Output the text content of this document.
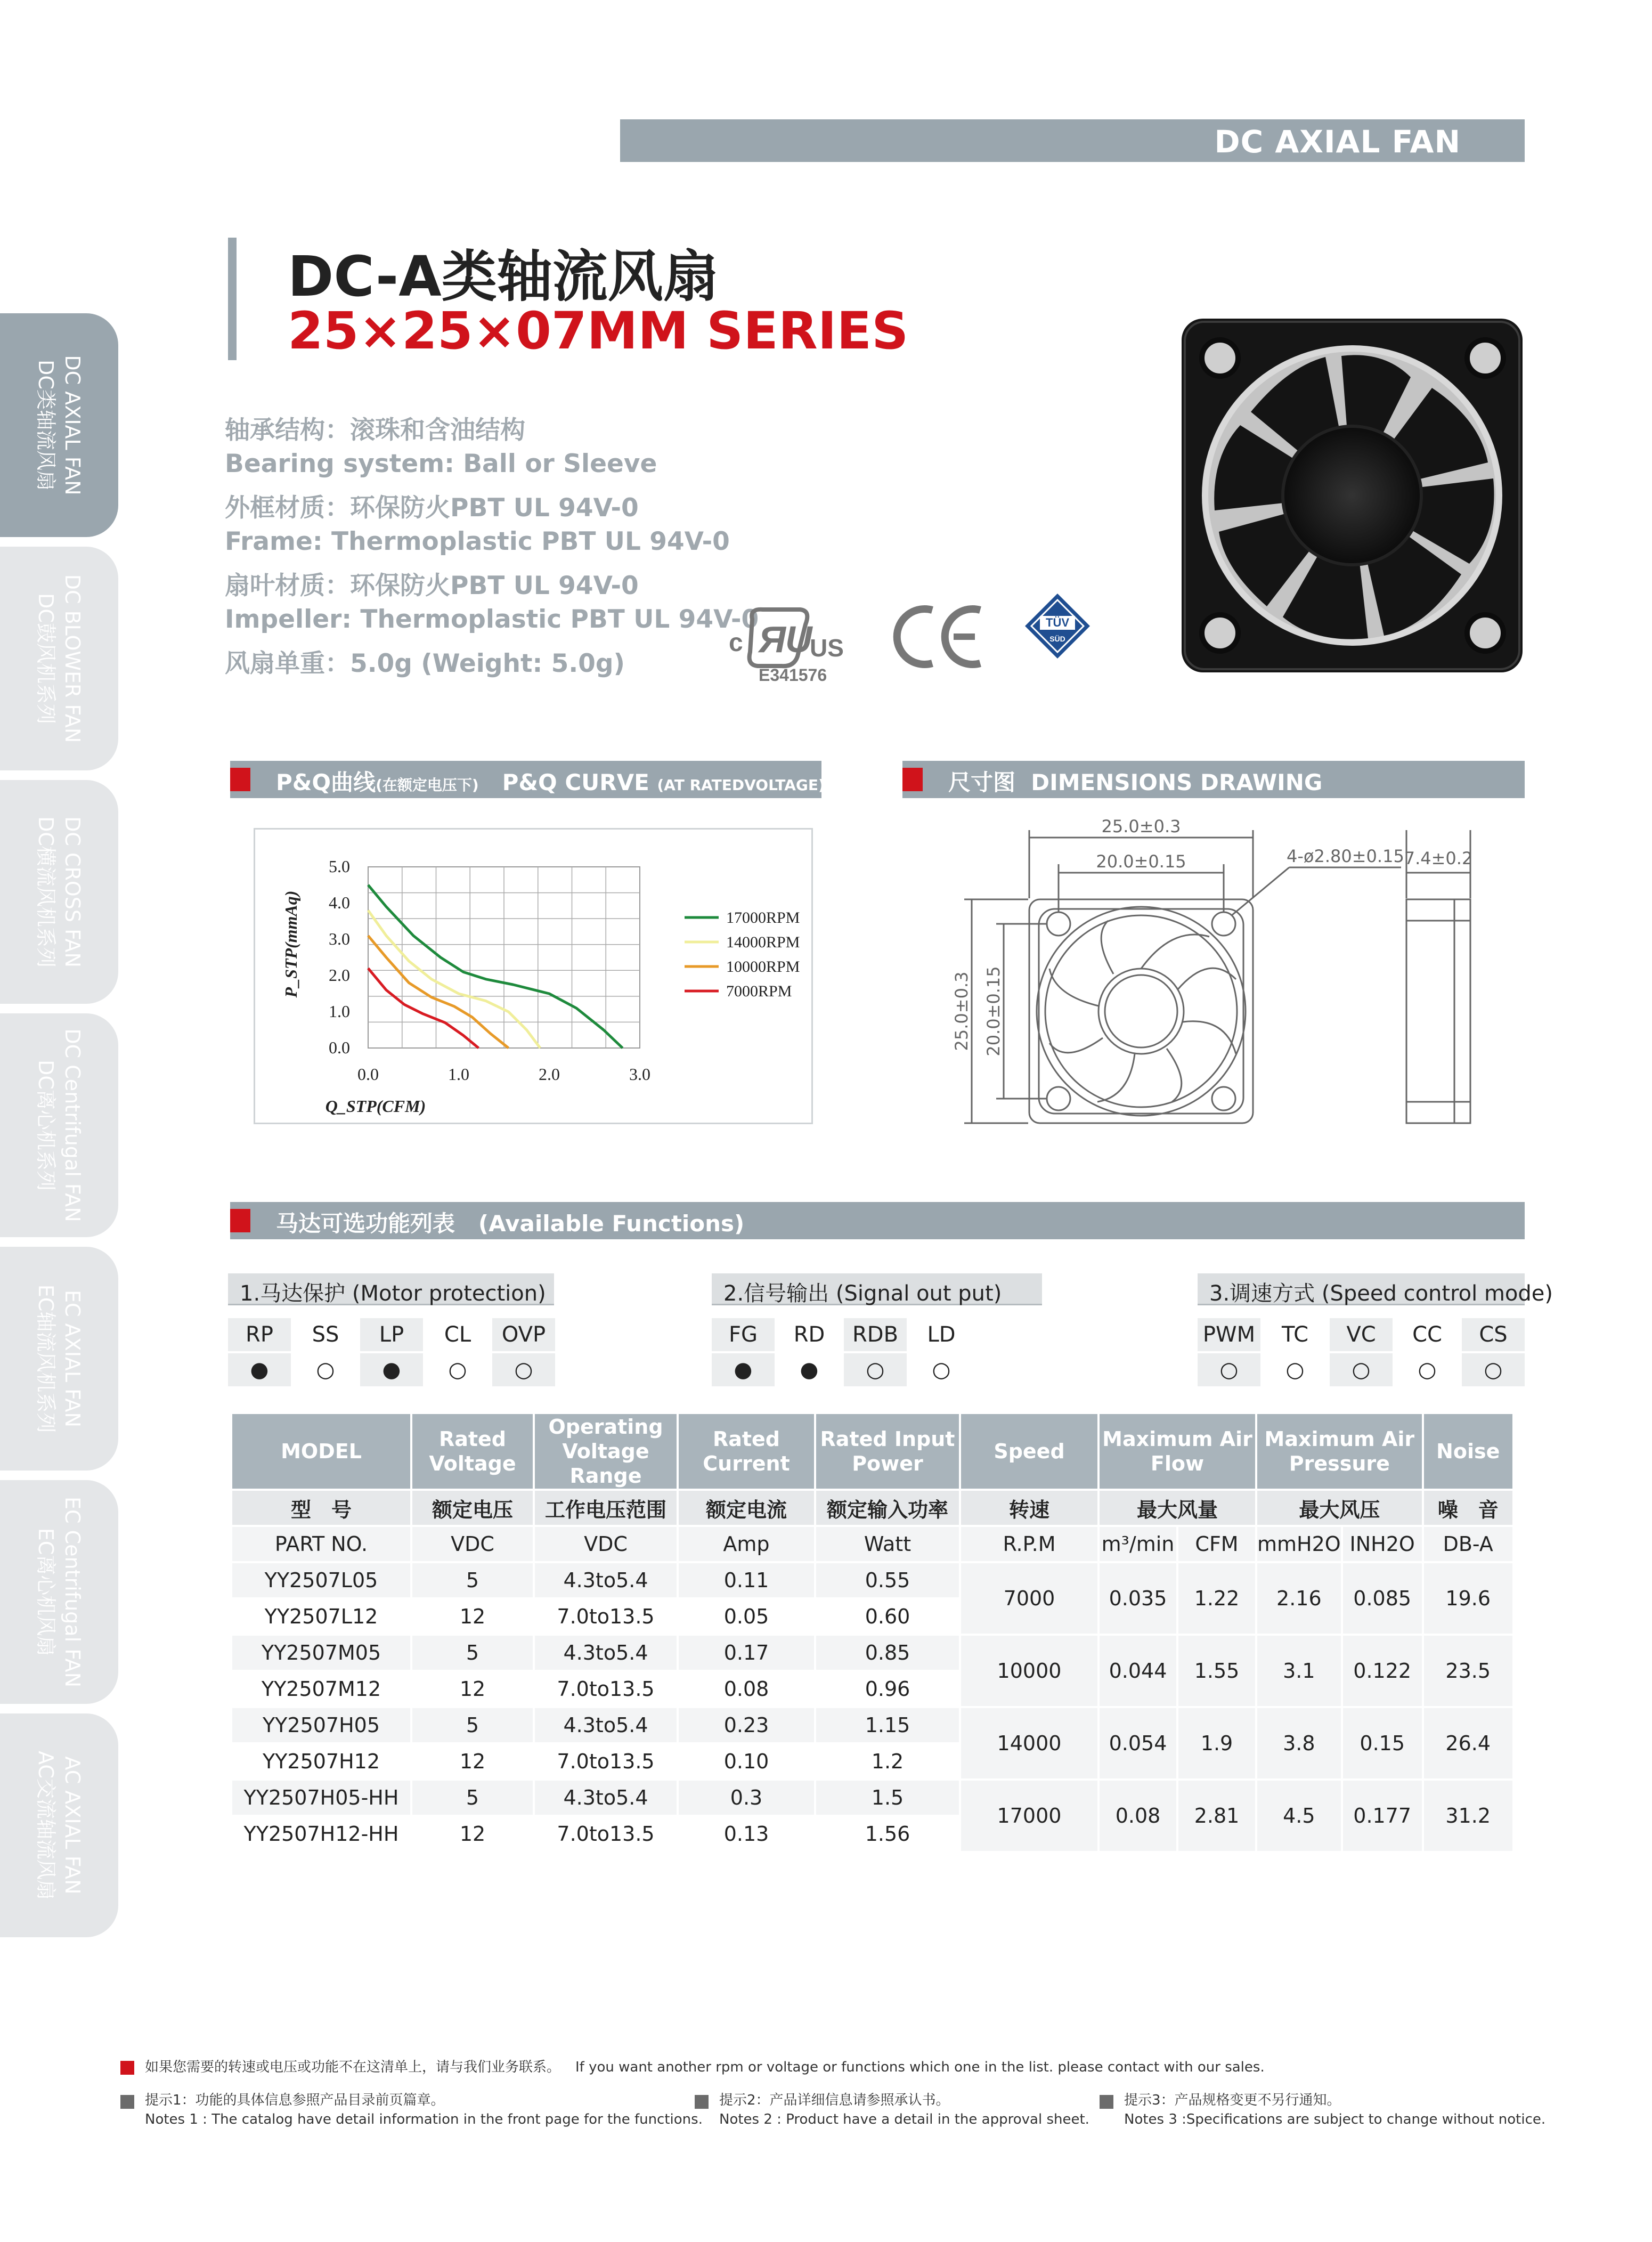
DC AXIAL FAN
DC AXIAL FAN
DC类轴流风扇
DC BLOWER FAN
DC鼓风机系列
DC CROSS FAN
DC横流风机系列
DC Centrifugal FAN
DC离心机系列
EC AXIAL FAN
EC轴流风机系列
EC Centrifugal FAN
EC离心机风扇
AC AXIAL FAN
AC交流轴流风扇
DC-A类轴流风扇
25×25×07MM SERIES
轴承结构：滚珠和含油结构
Bearing system: Ball or Sleeve
外框材质：环保防火PBT UL 94V-0
Frame: Thermoplastic PBT UL 94V-0
扇叶材质：环保防火PBT UL 94V-0
Impeller: Thermoplastic PBT UL 94V-0
风扇单重：5.0g (Weight: 5.0g)
c Я
U
US
E341576
TÜV
SÜD
P&Q曲线(在额定电压下) P&Q CURVE (AT RATEDVOLTAGE)	尺寸图 DIMENSIONS DRAWING
0.0
1.0
2.0
3.0
4.0
5.0
0.0	1.0	2.0	3.0
17000RPM
14000RPM
10000RPM
7000RPM
Q_STP(CFM)
P_STP(mmAq)
25.0±0.3
20.0±0.15	4-ø2.80±0.15 7.4±0.2
25.0±0.3 20.0±0.15
马达可选功能列表 (Available Functions)
1.马达保护 (Motor protection)
RP	SS	LP	CL	OVP
●	○	●	○	○
2.信号输出 (Signal out put)
FG	RD	RDB	LD
●	●	○	○
3.调速方式 (Speed control mode)
PWM	TC	VC	CC	CS
○	○	○	○	○
MODEL	Rated Voltage	Operating Voltage Range	Rated Current	Rated Input Power	Speed	Maximum Air Flow		Maximum Air Pressure		Noise
型　号	额定电压	工作电压范围	额定电流	额定输入功率	转速	最大风量		最大风压		噪　音
PART NO.	VDC	VDC	Amp	Watt	R.P.M	m³/min	CFM	mmH2O	INH2O	DB-A
YY2507L05	5	4.3to5.4	0.11	0.55	7000	0.035	1.22	2.16	0.085	19.6
YY2507L12	12	7.0to13.5	0.05	0.60						
YY2507M05	5	4.3to5.4	0.17	0.85	10000	0.044	1.55	3.1	0.122	23.5
YY2507M12	12	7.0to13.5	0.08	0.96						
YY2507H05	5	4.3to5.4	0.23	1.15	14000	0.054	1.9	3.8	0.15	26.4
YY2507H12	12	7.0to13.5	0.10	1.2						
YY2507H05-HH	5	4.3to5.4	0.3	1.5	17000	0.08	2.81	4.5	0.177	31.2
YY2507H12-HH	12	7.0to13.5	0.13	1.56						
如果您需要的转速或电压或功能不在这清单上，请与我们业务联系。 If you want another rpm or voltage or functions which one in the list. please contact with our sales.
提示1：功能的具体信息参照产品目录前页篇章。
Notes 1 : The catalog have detail information in the front page for the functions.
提示2：产品详细信息请参照承认书。
Notes 2 : Product have a detail in the approval sheet.
提示3：产品规格变更不另行通知。
Notes 3 :Specifications are subject to change without notice.
